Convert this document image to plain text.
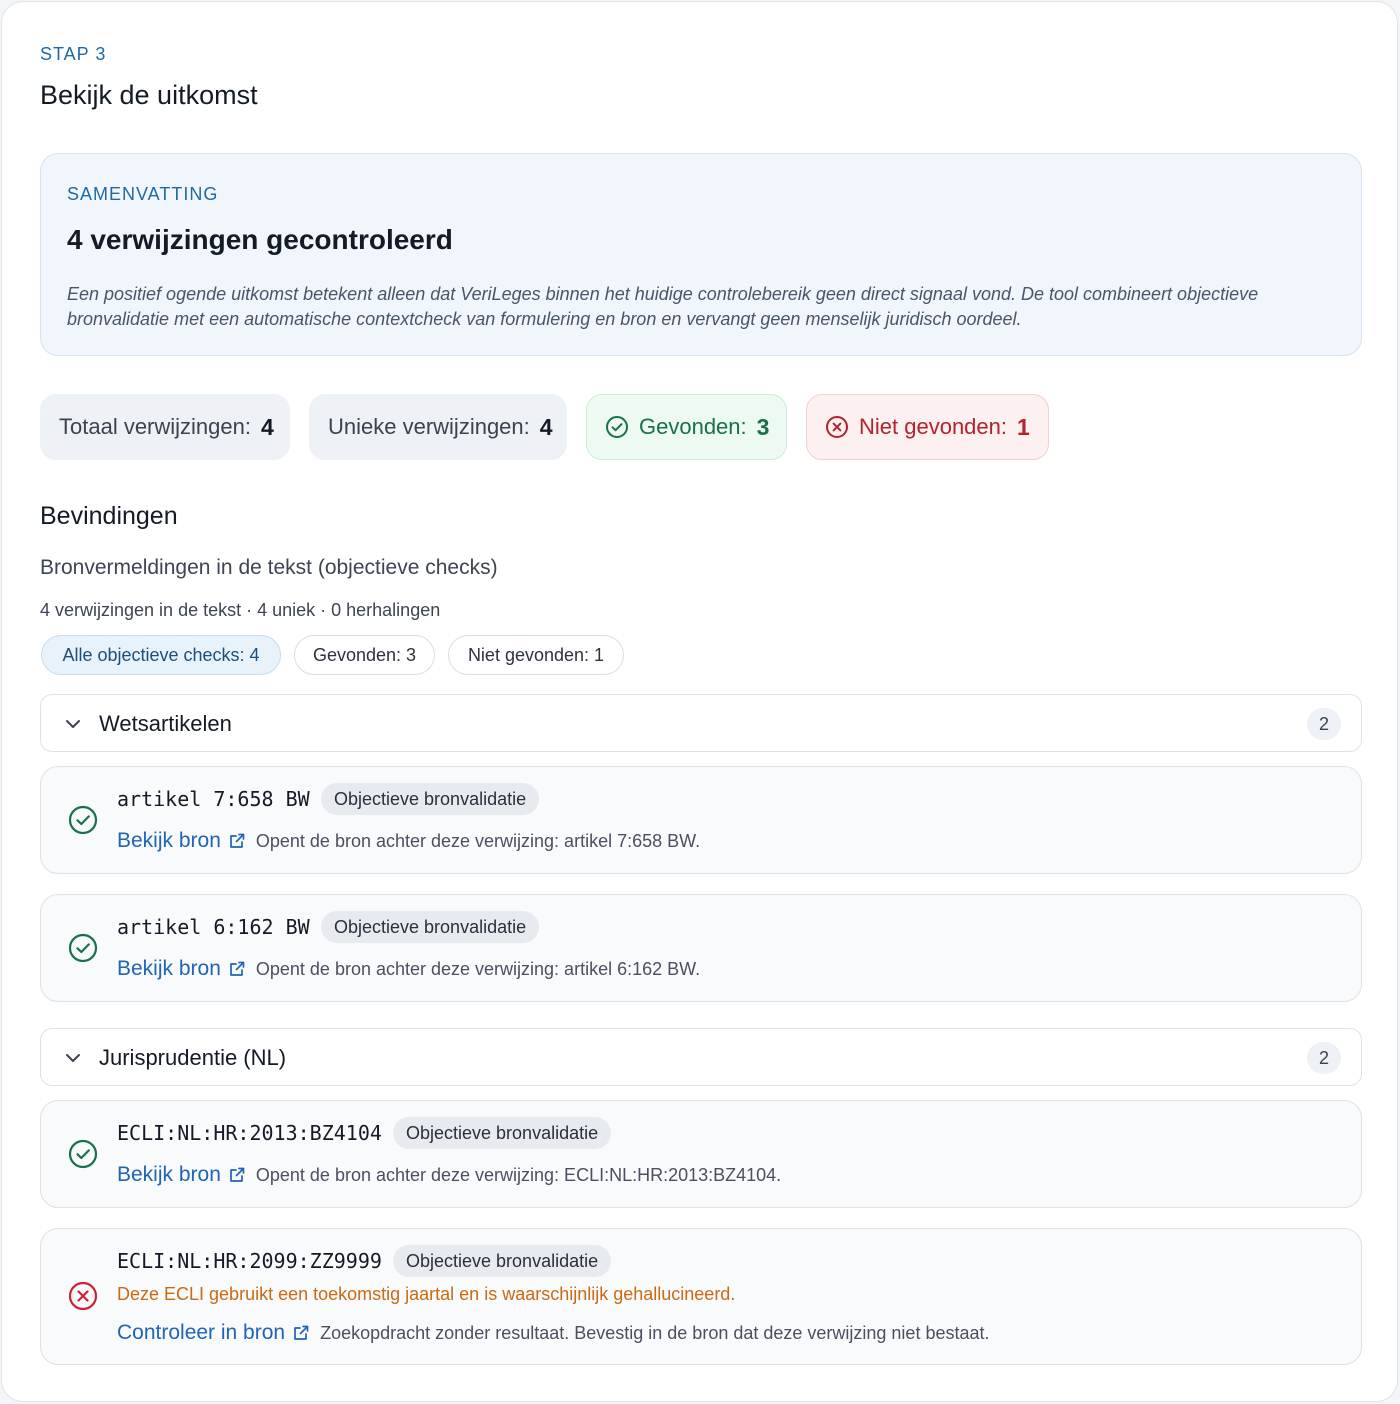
STAP 3
Bekijk de uitkomst
SAMENVATTING
4 verwijzingen gecontroleerd

Een positief ogende uitkomst betekent alleen dat VeriLeges binnen het huidige controlebereik geen direct signaal vond. De tool combineert objectieve bronvalidatie met een automatische contextcheck van formulering en bron en vervangt geen menselijk juridisch oordeel.

Totaal verwijzingen: 4 Unieke verwijzingen: 4	Gevonden: 3	Niet gevonden: 1
Bevindingen
Bronvermeldingen in de tekst (objectieve checks)
4 verwijzingen in de tekst · 4 uniek · 0 herhalingen
Alle objectieve checks: 4	Gevonden: 3	Niet gevonden: 1
Wetsartikelen	2
artikel 7:658 BW	Objectieve bronvalidatie
Bekijk bron Opent de bron achter deze verwijzing: artikel 7:658 BW.
artikel 6:162 BW	Objectieve bronvalidatie
Bekijk bron Opent de bron achter deze verwijzing: artikel 6:162 BW.
Jurisprudentie (NL)	2
ECLI:NL:HR:2013:BZ4104	Objectieve bronvalidatie
Bekijk bron Opent de bron achter deze verwijzing: ECLI:NL:HR:2013:BZ4104.
ECLI:NL:HR:2099:ZZ9999	Objectieve bronvalidatie
Deze ECLI gebruikt een toekomstig jaartal en is waarschijnlijk gehallucineerd.
Controleer in bron Zoekopdracht zonder resultaat. Bevestig in de bron dat deze verwijzing niet bestaat.
